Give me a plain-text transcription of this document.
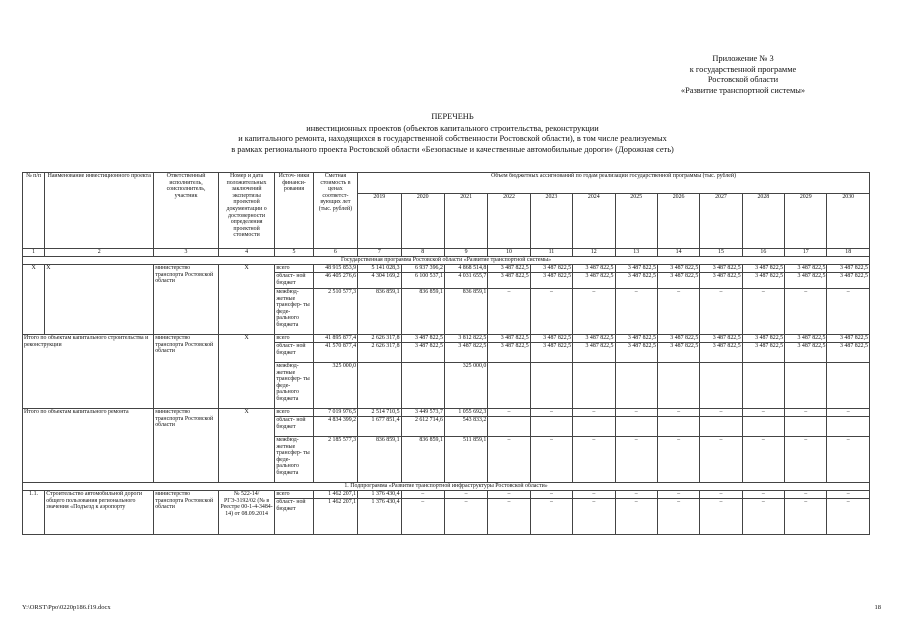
Приложение № 3
к государственной программе
Ростовской области
«Развитие транспортной системы»
ПЕРЕЧЕНЬ
инвестиционных проектов (объектов капитального строительства, реконструкции
и капитального ремонта, находящихся в государственной собственности Ростовской области), в том числе реализуемых
в рамках регионального проекта Ростовской области «Безопасные и качественные автомобильные дороги» (Дорожная сеть)
№ п/п	Наименование инвестиционного проекта	Ответственный исполнитель, соисполнитель, участник	Номер и дата положительных заключений экспертизы проектной документации о достоверности определения проектной стоимости	Источ- ники финанси- рования	Сметная стоимость в ценах соответст- вующих лет (тыс. рублей)	Объем бюджетных ассигнований по годам реализации государственной программы (тыс. рублей)											
						2019	2020	2021	2022	2023	2024	2025	2026	2027	2028	2029	2030
1	2	3	4	5	6	7	8	9	10	11	12	13	14	15	16	17	18
Государственная программа Ростовской области «Развитие транспортной системы»																	
Х	Х	министерство транспорта Ростовской области	Х	всего	48 915 853,9	5 141 028,3	6 937 396,2	4 868 514,8	3 487 822,5	3 487 822,5	3 487 822,5	3 487 822,5	3 487 822,5	3 487 822,5	3 487 822,5	3 487 822,5	3 487 822,5
				област- ной бюджет	46 405 276,6	4 304 169,2	6 100 537,1	4 031 655,7	3 487 822,5	3 487 822,5	3 487 822,5	3 487 822,5	3 487 822,5	3 487 822,5	3 487 822,5	3 487 822,5	3 487 822,5
				межбюд- жетные трансфер- ты феде- рального бюджета	2 510 577,3	836 859,1	836 859,1	836 859,1	–	–	–	–	–	–	–	–	–
Итого по объектам капитального строительства и реконструкции		министерство транспорта Ростовской области	Х	всего	41 895 877,4	2 626 317,8	3 487 822,5	3 812 822,5	3 487 822,5	3 487 822,5	3 487 822,5	3 487 822,5	3 487 822,5	3 487 822,5	3 487 822,5	3 487 822,5	3 487 822,5
				област- ной бюджет	41 570 877,4	2 626 317,8	3 487 822,5	3 487 822,5	3 487 822,5	3 487 822,5	3 487 822,5	3 487 822,5	3 487 822,5	3 487 822,5	3 487 822,5	3 487 822,5	3 487 822,5
				межбюд- жетные трансфер- ты феде- рального бюджета	325 000,0			325 000,0									
Итого по объектам капитального ремонта		министерство транспорта Ростовской области	Х	всего	7 019 976,5	2 514 710,5	3 449 573,7	1 055 692,3	–	–	–	–	–	–	–	–	–
				област- ной бюджет	4 834 399,2	1 677 851,4	2 612 714,6	543 833,2									
				межбюд- жетные трансфер- ты феде- рального бюджета	2 185 577,3	836 859,1	836 859,1	511 859,1	–	–	–	–	–	–	–	–	–
1. Подпрограмма «Развитие транспортной инфраструктуры Ростовской области»																	
1.1.	Строительство автомобильной дороги общего пользования регионального значения «Подъезд к аэропорту	министерство транспорта Ростовской области	№ 522-14/РГЭ-3192/02 (№ в Реестре 00-1-4-3484-14) от 08.09.2014	всего	1 462 207,1	1 376 430,4	–	–	–	–	–	–	–	–	–	–	–
				област- ной бюджет	1 462 207,1	1 376 430,4	–	–	–	–	–	–	–	–	–	–	–
Y:\ORST\Ppo\0220p186.f19.docx	18
